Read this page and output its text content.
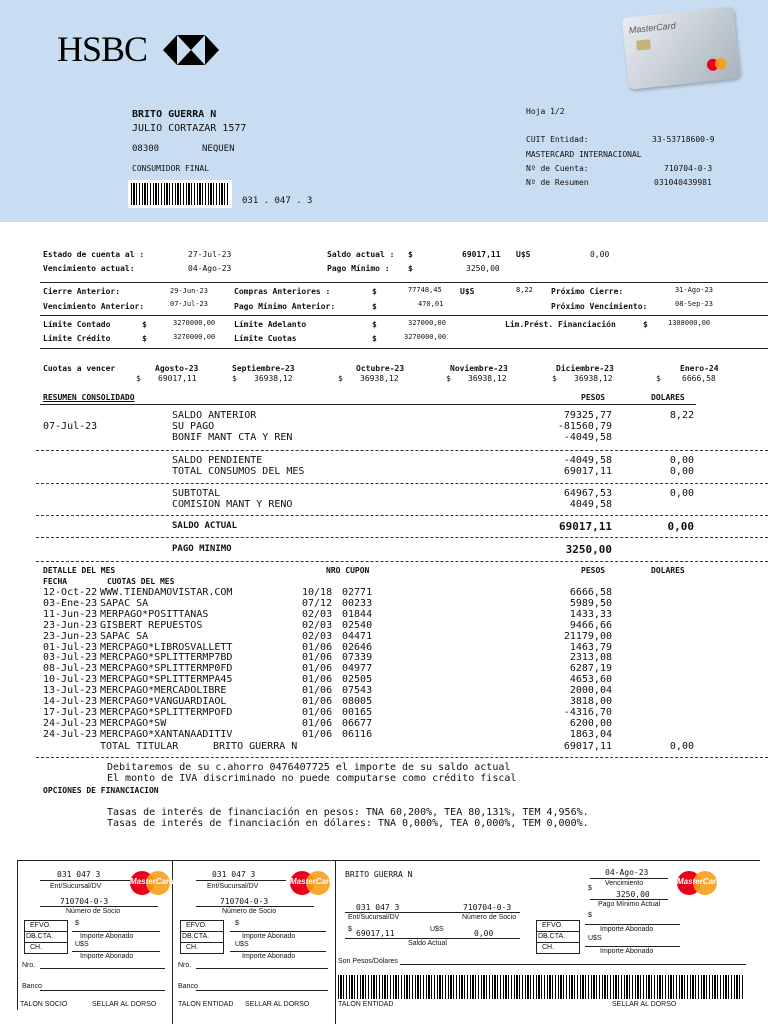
HSBC
MasterCard
BRITO GUERRA N
JULIO CORTAZAR 1577
08300	NEQUEN
CONSUMIDOR FINAL
031 . 047 . 3
Hoja 1/2
CUIT Entidad:	33-53718600-9
MASTERCARD INTERNACIONAL
Nº de Cuenta:	710704-0-3
Nº de Resumen	031040439981
Estado de cuenta al :	27-Jul-23
Vencimiento actual:	04-Ago-23
Saldo actual : $	69017,11 U$S	0,00
Pago Mínimo : $	3250,00
Cierre Anterior:	29-Jun-23
Vencimiento Anterior:	07-Jul-23
Compras Anteriores :	$	77748,45 U$S	8,22
Pago Mínimo Anterior:	$	470,01
Próximo Cierre:	31-Ago-23
Próximo Vencimiento:	08-Sep-23
Límite Contado	$	3270000,00
Límite Crédito	$	3270000,00
Límite Adelanto	$	327000,00
Límite Cuotas	$	3270000,00
Lim.Prést. Financiación	$	1308000,00
Cuotas a vencer	Agosto-23
$ 69017,11
Septiembre-23
$ 36938,12
Octubre-23
$ 36938,12
Noviembre-23
$ 36938,12
Diciembre-23
$ 36938,12
Enero-24
$	6666,58
RESUMEN CONSOLIDADO	PESOS	DOLARES
07-Jul-23
SALDO ANTERIOR	79325,77	8,22
SU PAGO	-81560,79
BONIF MANT CTA Y REN	-4049,58
SALDO PENDIENTE	-4049,58	0,00
TOTAL CONSUMOS DEL MES	69017,11	0,00
SUBTOTAL	64967,53	0,00
COMISION MANT Y RENO	4049,58
SALDO ACTUAL	69017,11	0,00
PAGO MINIMO	3250,00
DETALLE DEL MES	NRO CUPON	PESOS	DOLARES
FECHA	CUOTAS DEL MES
12-Oct-22 WWW.TIENDAMOVISTAR.COM	10/18 02771	6666,58
03-Ene-23 SAPAC SA	07/12 00233	5989,50
11-Jun-23 MERPAGO*POSITTANAS	02/03 01844	1433,33
23-Jun-23 GISBERT REPUESTOS	02/03 02540	9466,66
23-Jun-23 SAPAC SA	02/03 04471	21179,00
01-Jul-23 MERCPAGO*LIBROSVALLETT	01/06 02646	1463,79
03-Jul-23 MERCPAGO*SPLITTERMP7BD	01/06 07339	2313,08
08-Jul-23 MERCPAGO*SPLITTERMP0FD	01/06 04977	6287,19
10-Jul-23 MERCPAGO*SPLITTERMPA45	01/06 02505	4653,60
13-Jul-23 MERCPAGO*MERCADOLIBRE	01/06 07543	2000,04
14-Jul-23 MERCPAGO*VANGUARDIAOL	01/06 08005	3818,00
17-Jul-23 MERCPAGO*SPLITTERMPOFD	01/06 00165	-4316,70
24-Jul-23 MERCPAGO*SW	01/06 06677	6200,00
24-Jul-23 MERCPAGO*XANTANAADITIV	01/06 06116	1863,04
TOTAL TITULAR	BRITO GUERRA N	69017,11	0,00
Debitaremos de su c.ahorro 0476407725 el importe de su saldo actual
El monto de IVA discriminado no puede computarse como crédito fiscal
OPCIONES DE FINANCIACION
Tasas de interés de financiación en pesos: TNA 60,200%, TEA 80,131%, TEM 4,956%.
Tasas de interés de financiación en dólares: TNA 0,000%, TEA 0,000%, TEM 0,000%.
031 047 3
Ent/Sucursal/DV
MasterCard
710704-0-3
Número de Socio
EFVO.
DB.CTA.
CH.
$
Importe Abonado
U$S
Importe Abonado
Nro.
Banco
TALON SOCIO	SELLAR AL DORSO
031 047 3
Ent/Sucursal/DV
MasterCard
710704-0-3
Número de Socio
EFVO.
DB.CTA.
CH.
$
Importe Abonado
U$S
Importe Abonado
Nro.
Banco
TALON ENTIDAD SELLAR AL DORSO
BRITO GUERRA N	04-Ago-23
Vencimiento
$
3250,00
Pago Mínimo Actual
MasterCard
031 047 3	710704-0-3
Ent/Sucursal/DV	Número de Socio
$ 69017,11	U$S	0,00
Saldo Actual
EFVO.
DB.CTA.
CH.
$
Importe Abonado
U$S
Importe Abonado
Son Pesos/Dólares
TALON ENTIDAD	SELLAR AL DORSO
